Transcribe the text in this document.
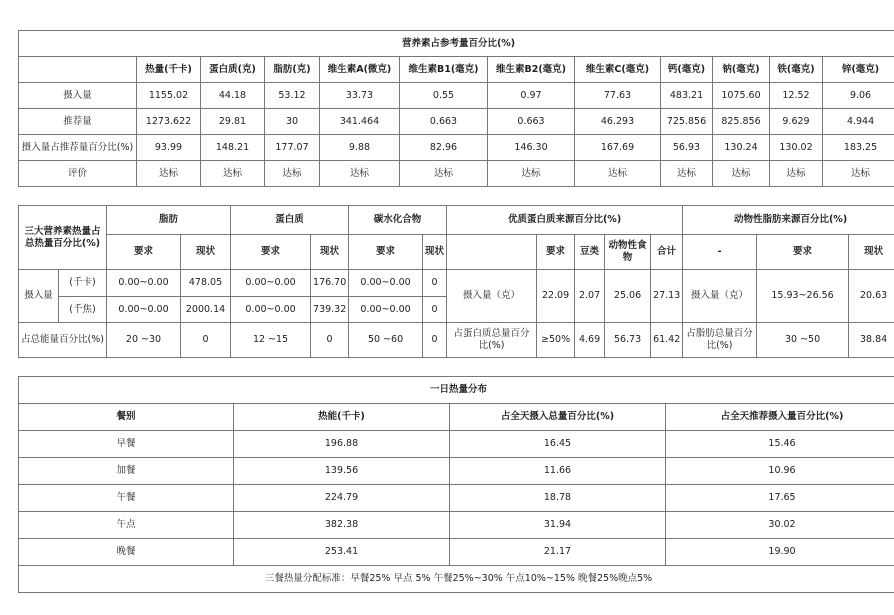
营养素占参考量百分比(%)											
	热量(千卡)	蛋白质(克)	脂肪(克)	维生素A(微克)	维生素B1(毫克)	维生素B2(毫克)	维生素C(毫克)	钙(毫克)	钠(毫克)	铁(毫克)	锌(毫克)
摄入量	1155.02	44.18	53.12	33.73	0.55	0.97	77.63	483.21	1075.60	12.52	9.06
推荐量	1273.622	29.81	30	341.464	0.663	0.663	46.293	725.856	825.856	9.629	4.944
摄入量占推荐量百分比(%)	93.99	148.21	177.07	9.88	82.96	146.30	167.69	56.93	130.24	130.02	183.25
评价	达标	达标	达标	达标	达标	达标	达标	达标	达标	达标	达标
三大营养素热量占总热量百分比(%)		脂肪		蛋白质		碳水化合物		优质蛋白质来源百分比(%)					动物性脂肪来源百分比(%)		
		要求	现状	要求	现状	要求	现状		要求	豆类	动物性食物	合计	-	要求	现状
摄入量	(千卡)	0.00~0.00	478.05	0.00~0.00	176.70	0.00~0.00	0	摄入量（克）	22.09	2.07	25.06	27.13	摄入量（克）	15.93~26.56	20.63
	(千焦)	0.00~0.00	2000.14	0.00~0.00	739.32	0.00~0.00	0								
占总能量百分比(%)		20 ~30	0	12 ~15	0	50 ~60	0	占蛋白质总量百分比(%)	≥50%	4.69	56.73	61.42	占脂肪总量百分比(%)	30 ~50	38.84
一日热量分布			
餐别	热能(千卡)	占全天摄入总量百分比(%)	占全天推荐摄入量百分比(%)
早餐	196.88	16.45	15.46
加餐	139.56	11.66	10.96
午餐	224.79	18.78	17.65
午点	382.38	31.94	30.02
晚餐	253.41	21.17	19.90
三餐热量分配标准：早餐25% 早点 5% 午餐25%~30% 午点10%~15% 晚餐25%晚点5%			
